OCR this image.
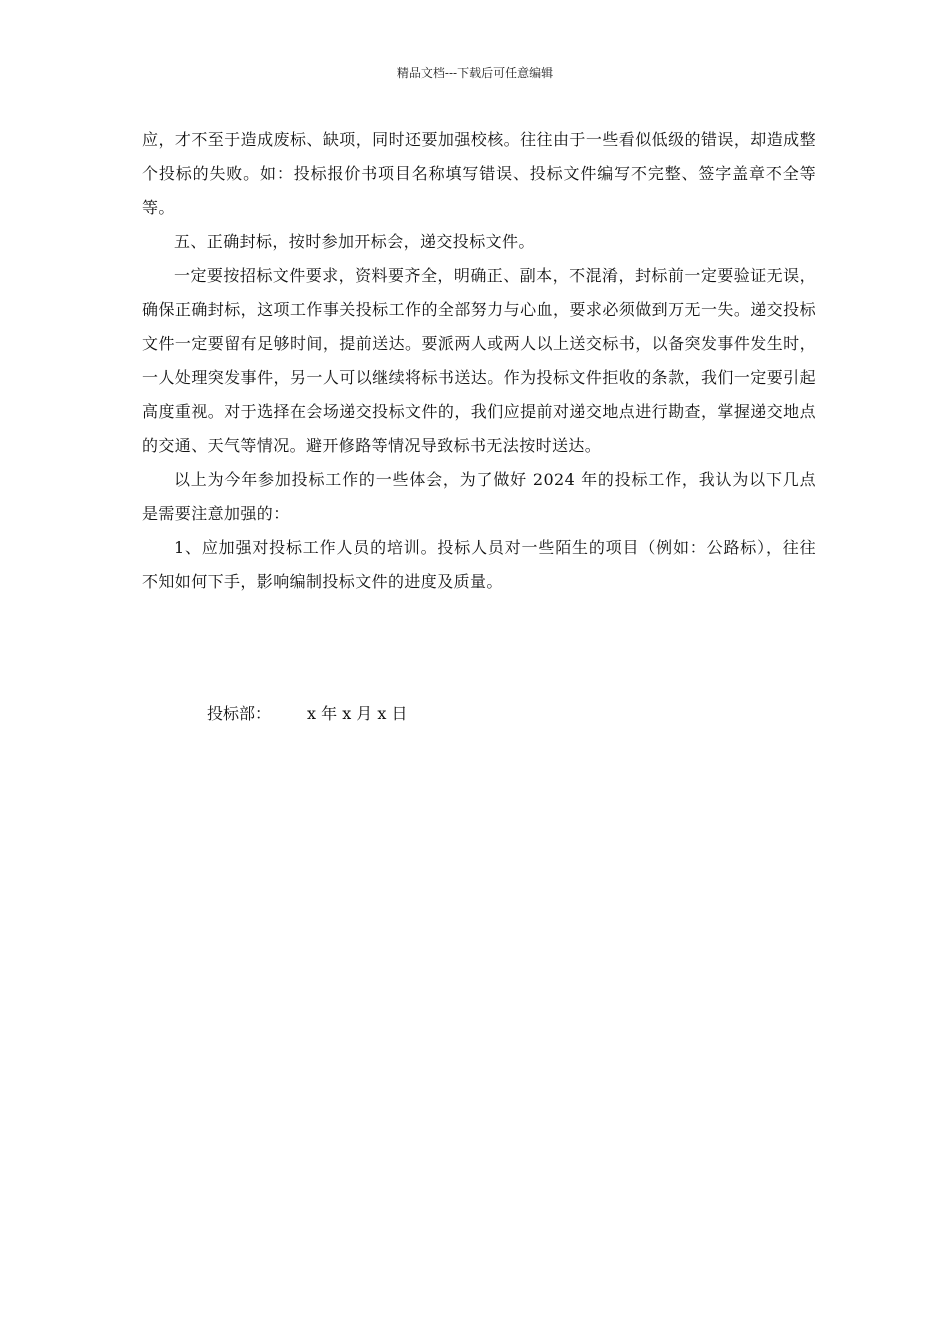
精品文档---下载后可任意编辑

应，才不至于造成废标、缺项，同时还要加强校核。往往由于一些看似低级的错误，却造成整个投标的失败。如：投标报价书项目名称填写错误、投标文件编写不完整、签字盖章不全等等。

五、正确封标，按时参加开标会，递交投标文件。

一定要按招标文件要求，资料要齐全，明确正、副本，不混淆，封标前一定要验证无误，确保正确封标，这项工作事关投标工作的全部努力与心血，要求必须做到万无一失。递交投标文件一定要留有足够时间，提前送达。要派两人或两人以上送交标书，以备突发事件发生时，一人处理突发事件，另一人可以继续将标书送达。作为投标文件拒收的条款，我们一定要引起高度重视。对于选择在会场递交投标文件的，我们应提前对递交地点进行勘查，掌握递交地点的交通、天气等情况。避开修路等情况导致标书无法按时送达。

以上为今年参加投标工作的一些体会，为了做好 2024 年的投标工作，我认为以下几点是需要注意加强的：

1、应加强对投标工作人员的培训。投标人员对一些陌生的项目（例如：公路标），往往不知如何下手，影响编制投标文件的进度及质量。

投标部： x 年 x 月 x 日
